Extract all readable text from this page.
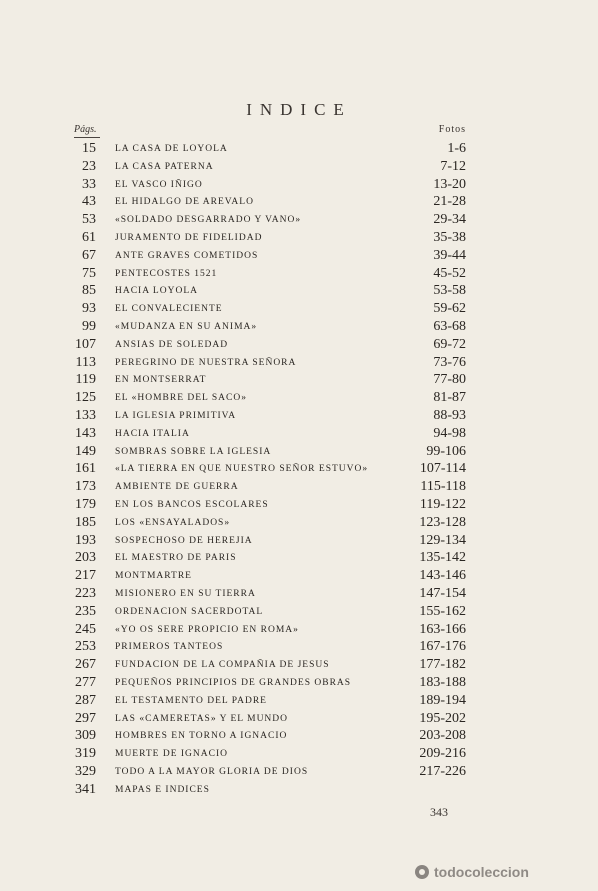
INDICE
Págs.	Fotos
15 LA CASA DE LOYOLA	1-6
23 LA CASA PATERNA	7-12
33 EL VASCO IÑIGO	13-20
43 EL HIDALGO DE AREVALO	21-28
53 «SOLDADO DESGARRADO Y VANO»	29-34
61 JURAMENTO DE FIDELIDAD	35-38
67 ANTE GRAVES COMETIDOS	39-44
75 PENTECOSTES 1521	45-52
85 HACIA LOYOLA	53-58
93 EL CONVALECIENTE	59-62
99 «MUDANZA EN SU ANIMA»	63-68
107 ANSIAS DE SOLEDAD	69-72
113 PEREGRINO DE NUESTRA SEÑORA	73-76
119 EN MONTSERRAT	77-80
125 EL «HOMBRE DEL SACO»	81-87
133 LA IGLESIA PRIMITIVA	88-93
143 HACIA ITALIA	94-98
149 SOMBRAS SOBRE LA IGLESIA	99-106
161 «LA TIERRA EN QUE NUESTRO SEÑOR ESTUVO»	107-114
173 AMBIENTE DE GUERRA	115-118
179 EN LOS BANCOS ESCOLARES	119-122
185 LOS «ENSAYALADOS»	123-128
193 SOSPECHOSO DE HEREJIA	129-134
203 EL MAESTRO DE PARIS	135-142
217 MONTMARTRE	143-146
223 MISIONERO EN SU TIERRA	147-154
235 ORDENACION SACERDOTAL	155-162
245 «YO OS SERE PROPICIO EN ROMA»	163-166
253 PRIMEROS TANTEOS	167-176
267 FUNDACION DE LA COMPAÑIA DE JESUS	177-182
277 PEQUEÑOS PRINCIPIOS DE GRANDES OBRAS	183-188
287 EL TESTAMENTO DEL PADRE	189-194
297 LAS «CAMERETAS» Y EL MUNDO	195-202
309 HOMBRES EN TORNO A IGNACIO	203-208
319 MUERTE DE IGNACIO	209-216
329 TODO A LA MAYOR GLORIA DE DIOS	217-226
341 MAPAS E INDICES
343
todocoleccion
